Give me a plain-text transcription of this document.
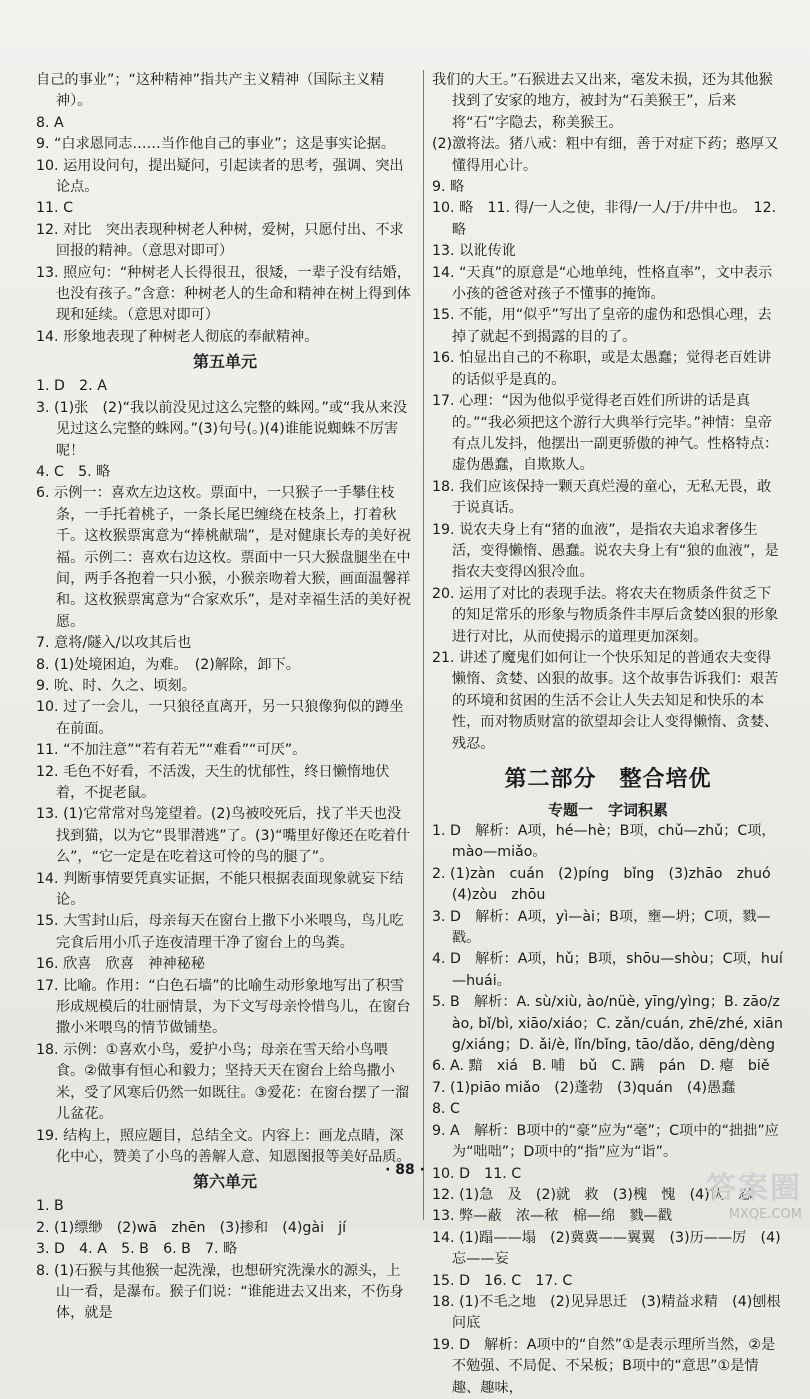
自己的事业”；“这种精神”指共产主义精神（国际主义精神）。
8. A
9. “白求恩同志……当作他自己的事业”；这是事实论据。
10. 运用设问句，提出疑问，引起读者的思考，强调、突出论点。
11. C
12. 对比　突出表现种树老人种树，爱树，只愿付出、不求回报的精神。（意思对即可）
13. 照应句：“种树老人长得很丑，很矮，一辈子没有结婚，也没有孩子。”含意：种树老人的生命和精神在树上得到体现和延续。（意思对即可）
14. 形象地表现了种树老人彻底的奉献精神。
第五单元
1. D　2. A
3. (1)张　(2)“我以前没见过这么完整的蛛网。”或“我从来没见过这么完整的蛛网。”(3)句号(。)(4)谁能说蜘蛛不厉害呢！
4. C　5. 略
6. 示例一：喜欢左边这枚。票面中，一只猴子一手攀住枝条，一手托着桃子，一条长尾巴缠绕在枝条上，打着秋千。这枚猴票寓意为“捧桃献瑞”，是对健康长寿的美好祝福。示例二：喜欢右边这枚。票面中一只大猴盘腿坐在中间，两手各抱着一只小猴，小猴亲吻着大猴，画面温馨祥和。这枚猴票寓意为“合家欢乐”，是对幸福生活的美好祝愿。
7. 意将/隧入/以攻其后也
8. (1)处境困迫，为难。　(2)解除，卸下。
9. 吮、时、久之、顷刻。
10. 过了一会儿，一只狼径直离开，另一只狼像狗似的蹲坐在前面。
11. “不加注意”“若有若无”“难看”“可厌”。
12. 毛色不好看，不活泼，天生的忧郁性，终日懒惰地伏着，不捉老鼠。
13. (1)它常常对鸟笼望着。(2)鸟被咬死后，找了半天也没找到猫，以为它“畏罪潜逃”了。(3)“嘴里好像还在吃着什么”，“它一定是在吃着这可怜的鸟的腿了”。
14. 判断事情要凭真实证据，不能只根据表面现象就妄下结论。
15. 大雪封山后，母亲每天在窗台上撒下小米喂鸟，鸟儿吃完食后用小爪子连夜清理干净了窗台上的鸟粪。
16. 欣喜　欣喜　神神秘秘
17. 比喻。作用：“白色石墙”的比喻生动形象地写出了积雪形成规模后的壮丽情景，为下文写母亲怜惜鸟儿，在窗台撒小米喂鸟的情节做铺垫。
18. 示例：①喜欢小鸟，爱护小鸟；母亲在雪天给小鸟喂食。②做事有恒心和毅力；坚持天天在窗台上给鸟撒小米，受了风寒后仍然一如既往。③爱花：在窗台摆了一溜儿盆花。
19. 结构上，照应题目，总结全文。内容上：画龙点睛，深化中心，赞美了小鸟的善解人意、知恩图报等美好品质。
第六单元
1. B
2. (1)缥缈　(2)wā　zhēn　(3)掺和　(4)gài　jí
3. D　4. A　5. B　6. B　7. 略
8. (1)石猴与其他猴一起洗澡，也想研究洗澡水的源头，上山一看，是瀑布。猴子们说：“谁能进去又出来，不伤身体，就是
我们的大王。”石猴进去又出来，毫发未损，还为其他猴找到了安家的地方，被封为“石美猴王”，后来将“石”字隐去，称美猴王。
(2)激将法。猪八戒：粗中有细，善于对症下药；憨厚又懂得用心计。
9. 略
10. 略　11. 得/一人之使，非得/一人/于/井中也。　12. 略
13. 以讹传讹
14. “天真”的原意是“心地单纯，性格直率”，文中表示小孩的爸爸对孩子不懂事的掩饰。
15. 不能，用“似乎”写出了皇帝的虚伪和恐惧心理，去掉了就起不到揭露的目的了。
16. 怕显出自己的不称职，或是太愚蠢；觉得老百姓讲的话似乎是真的。
17. 心理：“因为他似乎觉得老百姓们所讲的话是真的。”“我必须把这个游行大典举行完毕。”神情：皇帝有点儿发抖，他摆出一副更骄傲的神气。性格特点：虚伪愚蠢，自欺欺人。
18. 我们应该保持一颗天真烂漫的童心，无私无畏，敢于说真话。
19. 说农夫身上有“猪的血液”，是指农夫追求奢侈生活，变得懒惰、愚蠢。说农夫身上有“狼的血液”，是指农夫变得凶狠冷血。
20. 运用了对比的表现手法。将农夫在物质条件贫乏下的知足常乐的形象与物质条件丰厚后贪婪凶狠的形象进行对比，从而使揭示的道理更加深刻。
21. 讲述了魔鬼们如何让一个快乐知足的普通农夫变得懒惰、贪婪、凶狠的故事。这个故事告诉我们：艰苦的环境和贫困的生活不会让人失去知足和快乐的本性，而对物质财富的欲望却会让人变得懒惰、贪婪、残忍。
第二部分　整合培优
专题一　字词积累
1. D　解析：A项，hé—hè；B项，chǔ—zhǔ；C项，mào—miǎo。
2. (1)zàn　cuán　(2)píng　bǐng　(3)zhāo　zhuó　(4)zòu　zhōu
3. D　解析：A项，yì—ài；B项，壅—坍；C项，戮—戳。
4. D　解析：A项，hǔ；B项，shōu—shòu；C项，huí—huái。
5. B　解析：A. sù/xiù, ào/nüè, yīng/yìng；B. zāo/zào, bǐ/bì, xiāo/xiáo；C. zǎn/cuán, zhē/zhé, xiāng/xiáng；D. ǎi/è, lǐn/bǐng, tāo/dǎo, dēng/dèng
6. A. 黯　xiá　B. 哺　bǔ　C. 蹒　pán　D. 瘪　biě
7. (1)piāo miǎo　(2)蓬勃　(3)quán　(4)愚蠢
8. C
9. A　解析：B项中的“豪”应为“毫”；C项中的“拙拙”应为“咄咄”；D项中的“指”应为“诣”。
10. D　11. C
12. (1)急　及　(2)就　救　(3)槐　愧　(4)认　忍
13. 弊—蔽　浓—秾　棉—绵　戮—戳
14. (1)蹋——塌　(2)冀冀——翼翼　(3)历——厉　(4)忘——妄
15. D　16. C　17. C
18. (1)不毛之地　(2)见异思迁　(3)精益求精　(4)刨根问底
19. D　解析：A项中的“自然”①是表示理所当然，②是不勉强、不局促、不呆板；B项中的“意思”①是情趣、趣味，
· 88 ·
答案圈
MXQE.COM
